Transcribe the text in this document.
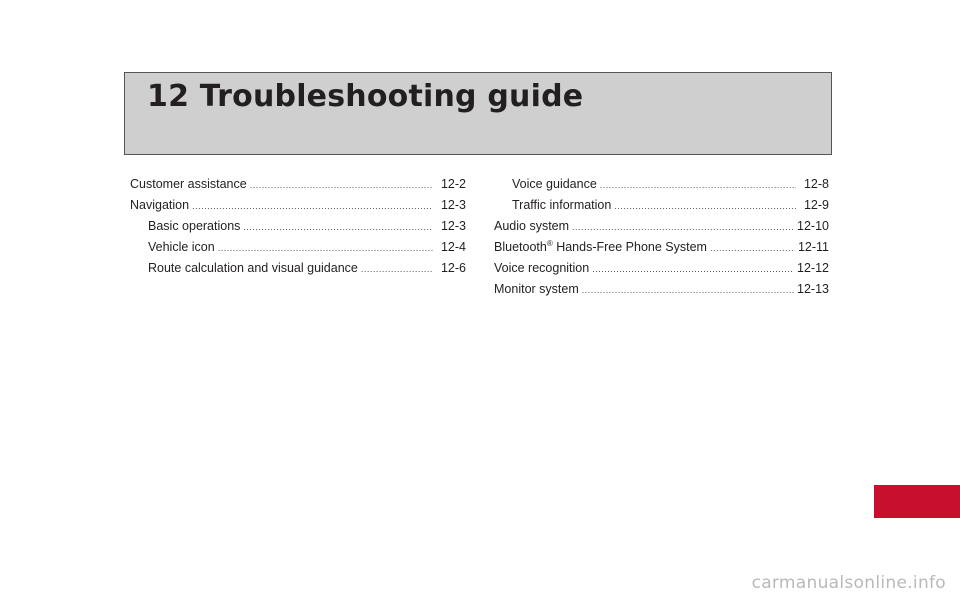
12 Troubleshooting guide
Customer assistance .....	12-2
Navigation .....	12-3
Basic operations .....	12-3
Vehicle icon .....	12-4
Route calculation and visual guidance .....	12-6
Voice guidance .....	12-8
Traffic information .....	12-9
Audio system .....	12-10
Bluetooth® Hands-Free Phone System .....	12-11
Voice recognition .....	12-12
Monitor system .....	12-13
carmanualsonline.info
